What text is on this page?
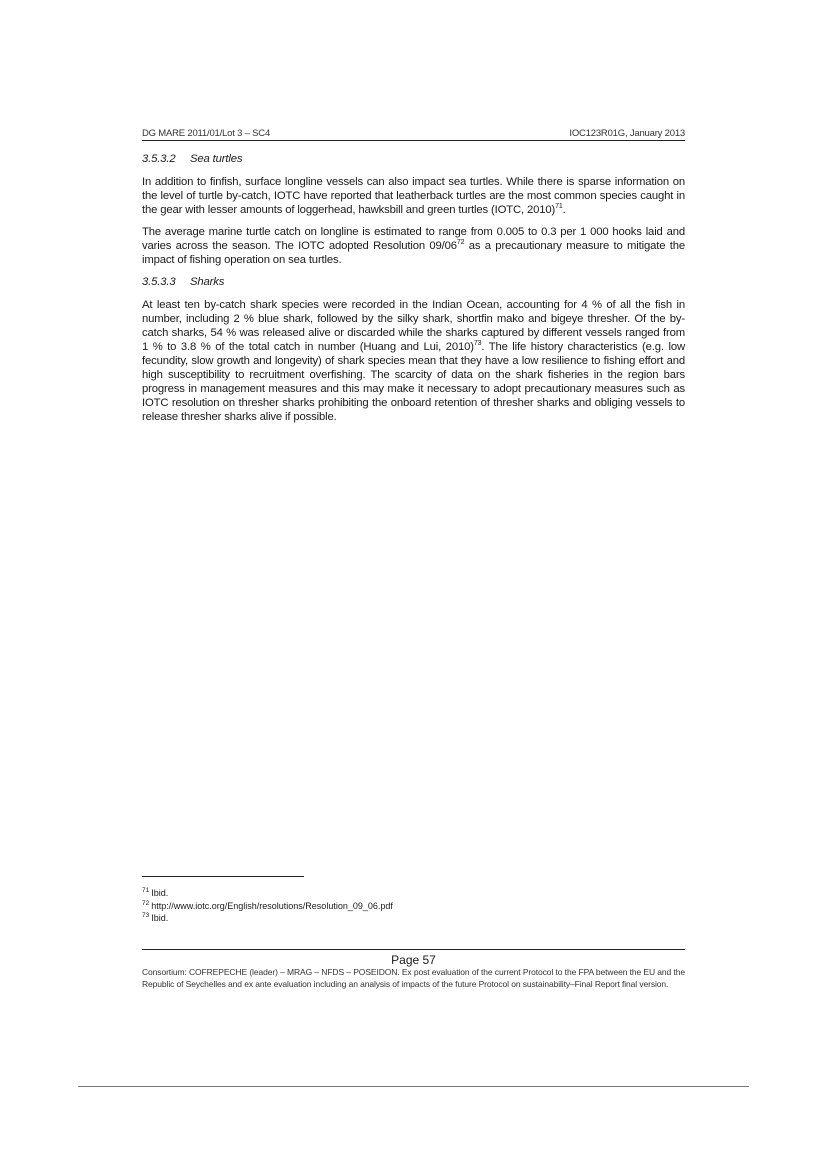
DG MARE 2011/01/Lot 3 – SC4	IOC123R01G, January 2013
3.5.3.2 Sea turtles

In addition to finfish, surface longline vessels can also impact sea turtles. While there is sparse information on the level of turtle by-catch, IOTC have reported that leatherback turtles are the most common species caught in the gear with lesser amounts of loggerhead, hawksbill and green turtles (IOTC, 2010)$^{71}$.

The average marine turtle catch on longline is estimated to range from 0.005 to 0.3 per 1 000 hooks laid and varies across the season. The IOTC adopted Resolution $09/06^{72}$ as a precautionary measure to mitigate the impact of fishing operation on sea turtles.

3.5.3.3 Sharks

At least ten by-catch shark species were recorded in the Indian Ocean, accounting for 4 % of all the fish in number, including 2 % blue shark, followed by the silky shark, shortfin mako and bigeye thresher. Of the by-catch sharks, 54 % was released alive or discarded while the sharks captured by different vessels ranged from 1 % to 3.8 % of the total catch in number (Huang and Lui, 2010)$^{73}$. The life history characteristics (e.g. low fecundity, slow growth and longevity) of shark species mean that they have a low resilience to fishing effort and high susceptibility to recruitment overfishing. The scarcity of data on the shark fisheries in the region bars progress in management measures and this may make it necessary to adopt precautionary measures such as IOTC resolution on thresher sharks prohibiting the onboard retention of thresher sharks and obliging vessels to release thresher sharks alive if possible.

$^{71}$ Ibid.
$^{72}$ http://www.iotc.org/English/resolutions/Resolution_09_06.pdf
$^{73}$ Ibid.
Page 57
Consortium: COFREPECHE (leader) – MRAG – NFDS – POSEIDON. Ex post evaluation of the current Protocol to the FPA between the EU and the Republic of Seychelles and ex ante evaluation including an analysis of impacts of the future Protocol on sustainability–Final Report final version.
